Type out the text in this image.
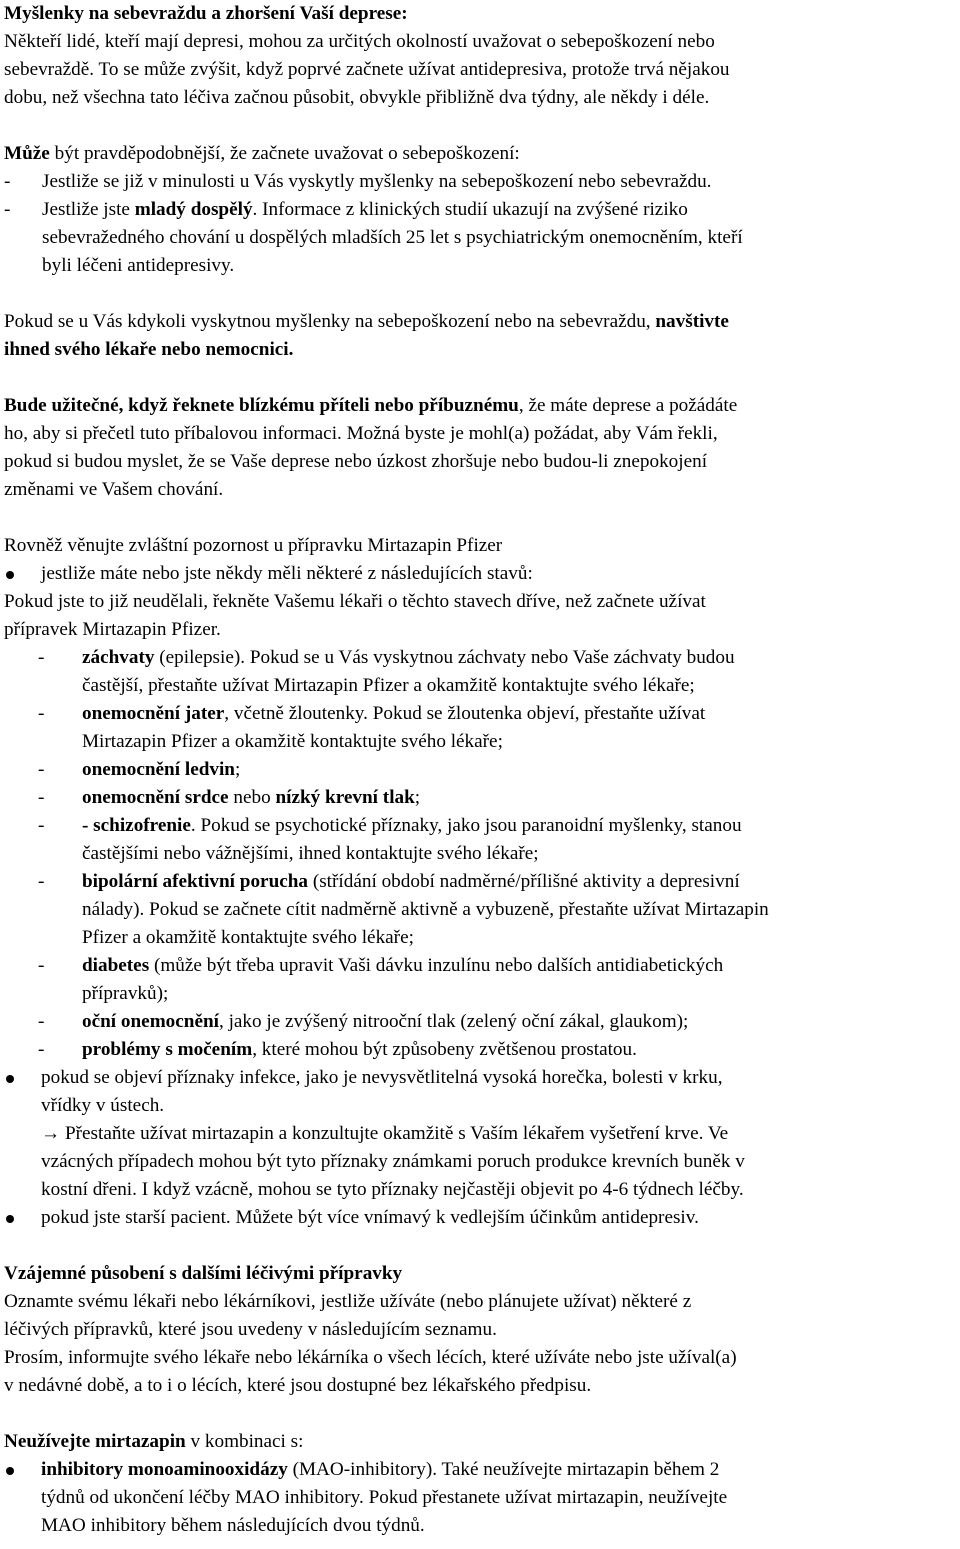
Myšlenky na sebevraždu a zhoršení Vaší deprese:
Někteří lidé, kteří mají depresi, mohou za určitých okolností uvažovat o sebepoškození nebo
sebevraždě. To se může zvýšit, když poprvé začnete užívat antidepresiva, protože trvá nějakou
dobu, než všechna tato léčiva začnou působit, obvykle přibližně dva týdny, ale někdy i déle.

Může být pravděpodobnější, že začnete uvažovat o sebepoškození:
- Jestliže se již v minulosti u Vás vyskytly myšlenky na sebepoškození nebo sebevraždu.
- Jestliže jste mladý dospělý. Informace z klinických studií ukazují na zvýšené riziko
sebevražedného chování u dospělých mladších 25 let s psychiatrickým onemocněním, kteří
byli léčeni antidepresivy.
Pokud se u Vás kdykoli vyskytnou myšlenky na sebepoškození nebo na sebevraždu, navštivte
ihned svého lékaře nebo nemocnici.
Bude užitečné, když řeknete blízkému příteli nebo příbuznému, že máte deprese a požádáte
ho, aby si přečetl tuto příbalovou informaci. Možná byste je mohl(a) požádat, aby Vám řekli,
pokud si budou myslet, že se Vaše deprese nebo úzkost zhoršuje nebo budou-li znepokojení
změnami ve Vašem chování.
Rovněž věnujte zvláštní pozornost u přípravku Mirtazapin Pfizer
jestliže máte nebo jste někdy měli některé z následujících stavů:
Pokud jste to již neudělali, řekněte Vašemu lékaři o těchto stavech dříve, než začnete užívat
přípravek Mirtazapin Pfizer.
- záchvaty (epilepsie). Pokud se u Vás vyskytnou záchvaty nebo Vaše záchvaty budou
častější, přestaňte užívat Mirtazapin Pfizer a okamžitě kontaktujte svého lékaře;
- onemocnění jater, včetně žloutenky. Pokud se žloutenka objeví, přestaňte užívat
Mirtazapin Pfizer a okamžitě kontaktujte svého lékaře;
- onemocnění ledvin;
- onemocnění srdce nebo nízký krevní tlak;
- - schizofrenie. Pokud se psychotické příznaky, jako jsou paranoidní myšlenky, stanou
častějšími nebo vážnějšími, ihned kontaktujte svého lékaře;
- bipolární afektivní porucha (střídání období nadměrné/přílišné aktivity a depresivní
nálady). Pokud se začnete cítit nadměrně aktivně a vybuzeně, přestaňte užívat Mirtazapin
Pfizer a okamžitě kontaktujte svého lékaře;
- diabetes (může být třeba upravit Vaši dávku inzulínu nebo dalších antidiabetických
přípravků);
- oční onemocnění, jako je zvýšený nitrooční tlak (zelený oční zákal, glaukom);
- problémy s močením, které mohou být způsobeny zvětšenou prostatou.
pokud se objeví příznaky infekce, jako je nevysvětlitelná vysoká horečka, bolesti v krku,
vřídky v ústech.
→ Přestaňte užívat mirtazapin a konzultujte okamžitě s Vaším lékařem vyšetření krve. Ve
vzácných případech mohou být tyto příznaky známkami poruch produkce krevních buněk v
kostní dřeni. I když vzácně, mohou se tyto příznaky nejčastěji objevit po 4-6 týdnech léčby.
pokud jste starší pacient. Můžete být více vnímavý k vedlejším účinkům antidepresiv.
Vzájemné působení s dalšími léčivými přípravky
Oznamte svému lékaři nebo lékárníkovi, jestliže užíváte (nebo plánujete užívat) některé z
léčivých přípravků, které jsou uvedeny v následujícím seznamu.
Prosím, informujte svého lékaře nebo lékárníka o všech lécích, které užíváte nebo jste užíval(a)
v nedávné době, a to i o lécích, které jsou dostupné bez lékařského předpisu.
Neužívejte mirtazapin v kombinaci s:
inhibitory monoaminooxidázy (MAO-inhibitory). Také neužívejte mirtazapin během 2
týdnů od ukončení léčby MAO inhibitory. Pokud přestanete užívat mirtazapin, neužívejte
MAO inhibitory během následujících dvou týdnů.
